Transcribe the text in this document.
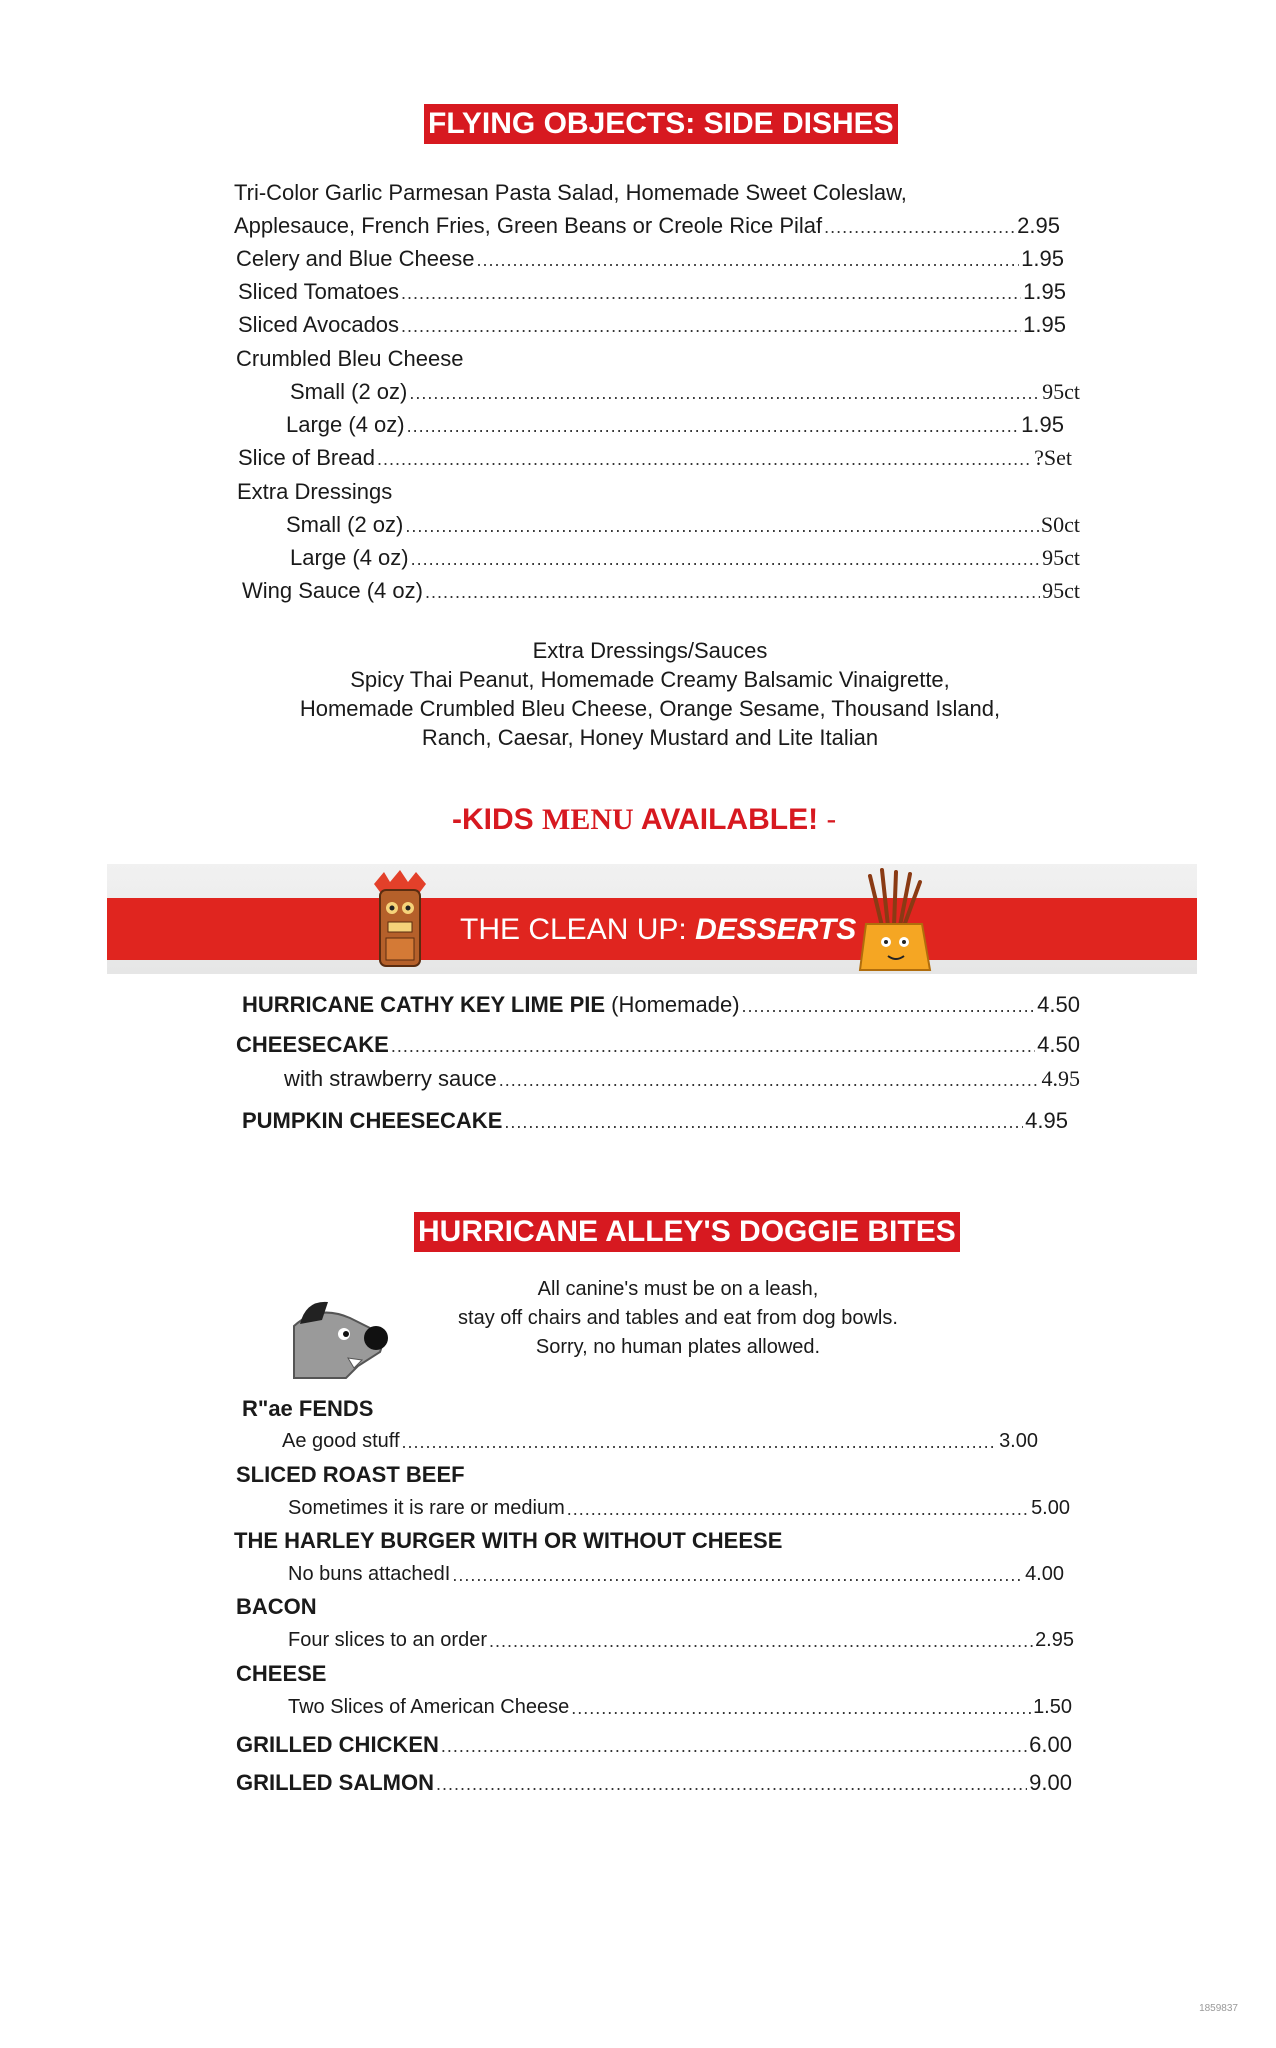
FLYING OBJECTS: SIDE DISHES
Tri-Color Garlic Parmesan Pasta Salad, Homemade Sweet Coleslaw,
Applesauce, French Fries, Green Beans or Creole Rice Pilaf .....	2.95
Celery and Blue Cheese .....	1.95
Sliced Tomatoes .....	1.95
Sliced Avocados .....	1.95
Crumbled Bleu Cheese
Small (2 oz) .....	95ct
Large (4 oz) .....	1.95
Slice of Bread .....	?Set
Extra Dressings
Small (2 oz) .....	S0ct
Large (4 oz) .....	95ct
Wing Sauce (4 oz) .....	95ct
Extra Dressings/Sauces
Spicy Thai Peanut, Homemade Creamy Balsamic Vinaigrette,
Homemade Crumbled Bleu Cheese, Orange Sesame, Thousand Island,
Ranch, Caesar, Honey Mustard and Lite Italian
-KIDS MENU AVAILABLE! -
THE CLEAN UP: DESSERTS
HURRICANE CATHY KEY LIME PIE (Homemade) .....	4.50
CHEESECAKE .....	4.50
with strawberry sauce .....	4.95
PUMPKIN CHEESECAKE .....	4.95
HURRICANE ALLEY'S DOGGIE BITES
All canine's must be on a leash,
stay off chairs and tables and eat from dog bowls.
Sorry, no human plates allowed.
R"ae FENDS
Ae good stuff .....	3.00
SLICED ROAST BEEF
Sometimes it is rare or medium .....	5.00
THE HARLEY BURGER WITH OR WITHOUT CHEESE
No buns attachedI .....	4.00
BACON
Four slices to an order .....	2.95
CHEESE
Two Slices of American Cheese .....	1.50
GRILLED CHICKEN .....	6.00
GRILLED SALMON .....	9.00
1859837
